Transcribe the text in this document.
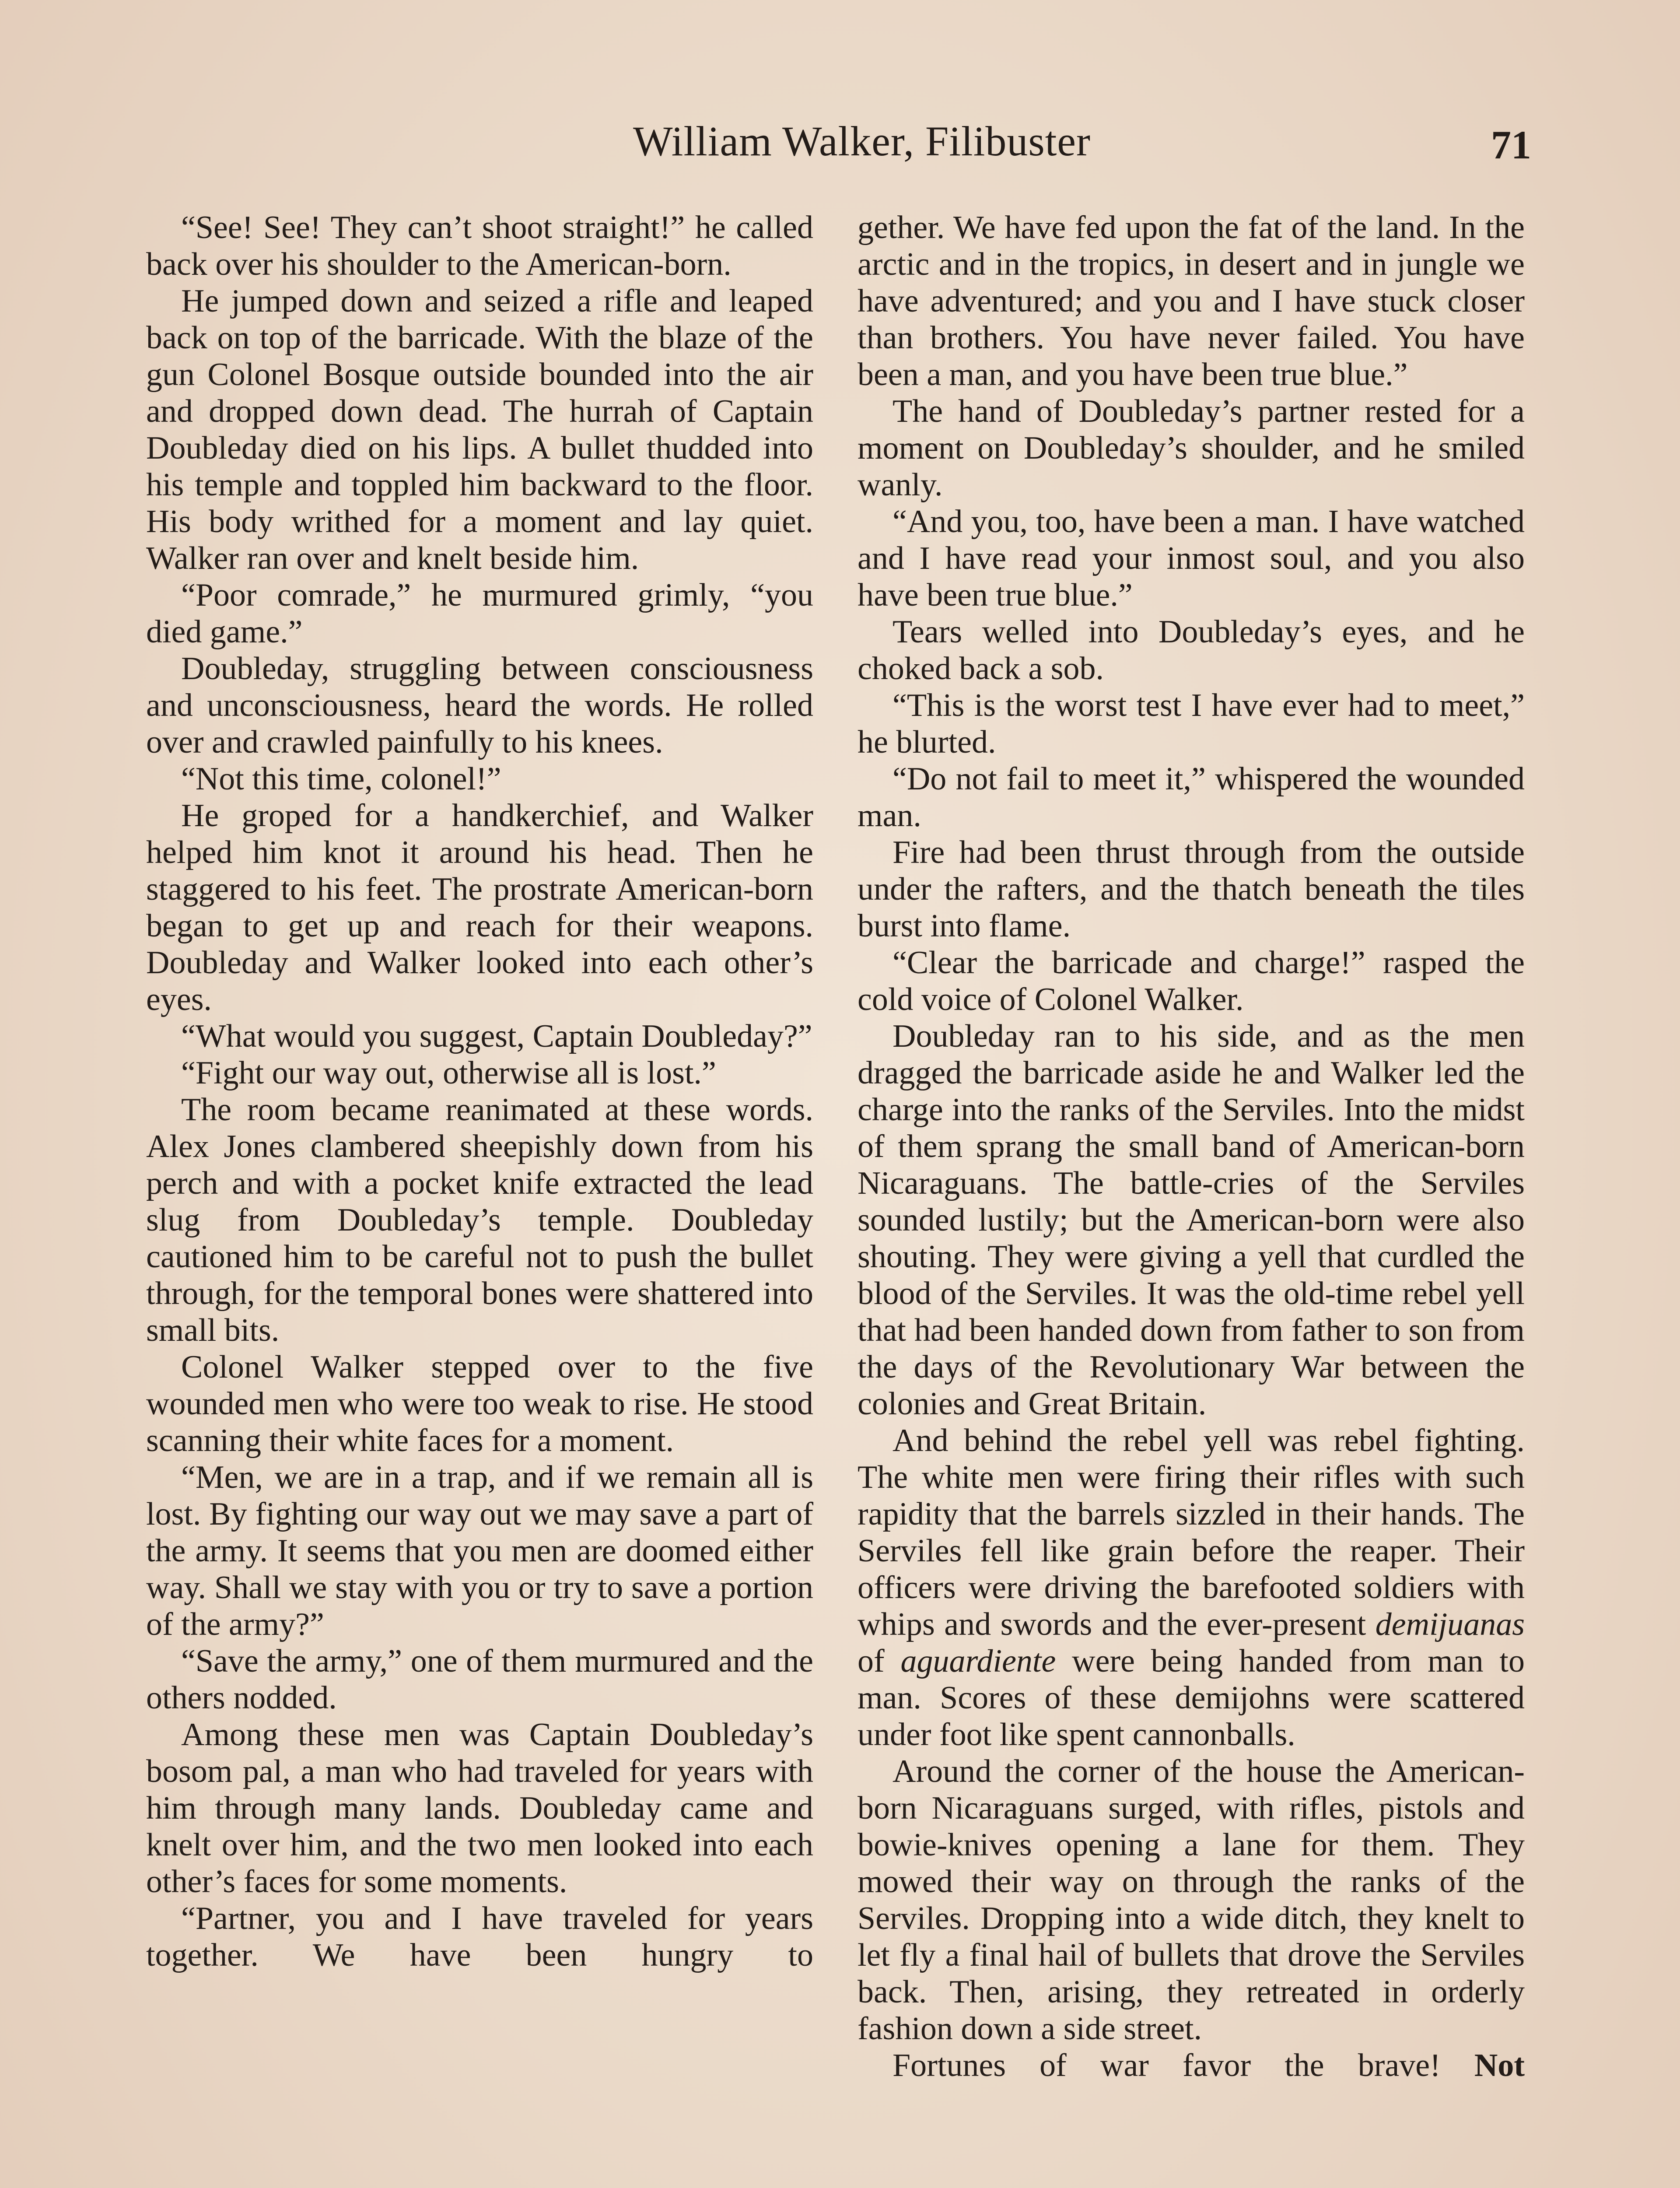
William Walker, Filibuster	71

“See! See! They can’t shoot straight!” he called back over his shoulder to the American-born.

He jumped down and seized a rifle and leaped back on top of the barricade. With the blaze of the gun Colonel Bosque outside bounded into the air and dropped down dead. The hurrah of Captain Doubleday died on his lips. A bullet thudded into his temple and toppled him backward to the floor. His body writhed for a moment and lay quiet. Walker ran over and knelt beside him.

“Poor comrade,” he murmured grimly, “you died game.”

Doubleday, struggling between consciousness and unconsciousness, heard the words. He rolled over and crawled painfully to his knees.

“Not this time, colonel!”

He groped for a handkerchief, and Walker helped him knot it around his head. Then he staggered to his feet. The prostrate American-born began to get up and reach for their weapons. Doubleday and Walker looked into each other’s eyes.

“What would you suggest, Captain Doubleday?”

“Fight our way out, otherwise all is lost.”

The room became reanimated at these words. Alex Jones clambered sheepishly down from his perch and with a pocket knife extracted the lead slug from Doubleday’s temple. Doubleday cautioned him to be careful not to push the bullet through, for the temporal bones were shattered into small bits.

Colonel Walker stepped over to the five wounded men who were too weak to rise. He stood scanning their white faces for a moment.

“Men, we are in a trap, and if we remain all is lost. By fighting our way out we may save a part of the army. It seems that you men are doomed either way. Shall we stay with you or try to save a portion of the army?”

“Save the army,” one of them murmured and the others nodded.

Among these men was Captain Doubleday’s bosom pal, a man who had traveled for years with him through many lands. Doubleday came and knelt over him, and the two men looked into each other’s faces for some moments.

“Partner, you and I have traveled for years together. We have been hungry to

gether. We have fed upon the fat of the land. In the arctic and in the tropics, in desert and in jungle we have adventured; and you and I have stuck closer than brothers. You have never failed. You have been a man, and you have been true blue.”

The hand of Doubleday’s partner rested for a moment on Doubleday’s shoulder, and he smiled wanly.

“And you, too, have been a man. I have watched and I have read your inmost soul, and you also have been true blue.”

Tears welled into Doubleday’s eyes, and he choked back a sob.

“This is the worst test I have ever had to meet,” he blurted.

“Do not fail to meet it,” whispered the wounded man.

Fire had been thrust through from the outside under the rafters, and the thatch beneath the tiles burst into flame.

“Clear the barricade and charge!” rasped the cold voice of Colonel Walker.

Doubleday ran to his side, and as the men dragged the barricade aside he and Walker led the charge into the ranks of the Serviles. Into the midst of them sprang the small band of American-born Nicaraguans. The battle-cries of the Serviles sounded lustily; but the American-born were also shouting. They were giving a yell that curdled the blood of the Serviles. It was the old-time rebel yell that had been handed down from father to son from the days of the Revolutionary War between the colonies and Great Britain.

And behind the rebel yell was rebel fighting. The white men were firing their rifles with such rapidity that the barrels sizzled in their hands. The Serviles fell like grain before the reaper. Their officers were driving the barefooted soldiers with whips and swords and the ever-present demijuanas of aguardiente were being handed from man to man. Scores of these demijohns were scattered under foot like spent cannonballs.

Around the corner of the house the American-born Nicaraguans surged, with rifles, pistols and bowie-knives opening a lane for them. They mowed their way on through the ranks of the Serviles. Dropping into a wide ditch, they knelt to let fly a final hail of bullets that drove the Serviles back. Then, arising, they retreated in orderly fashion down a side street.

Fortunes of war favor the brave! Not
